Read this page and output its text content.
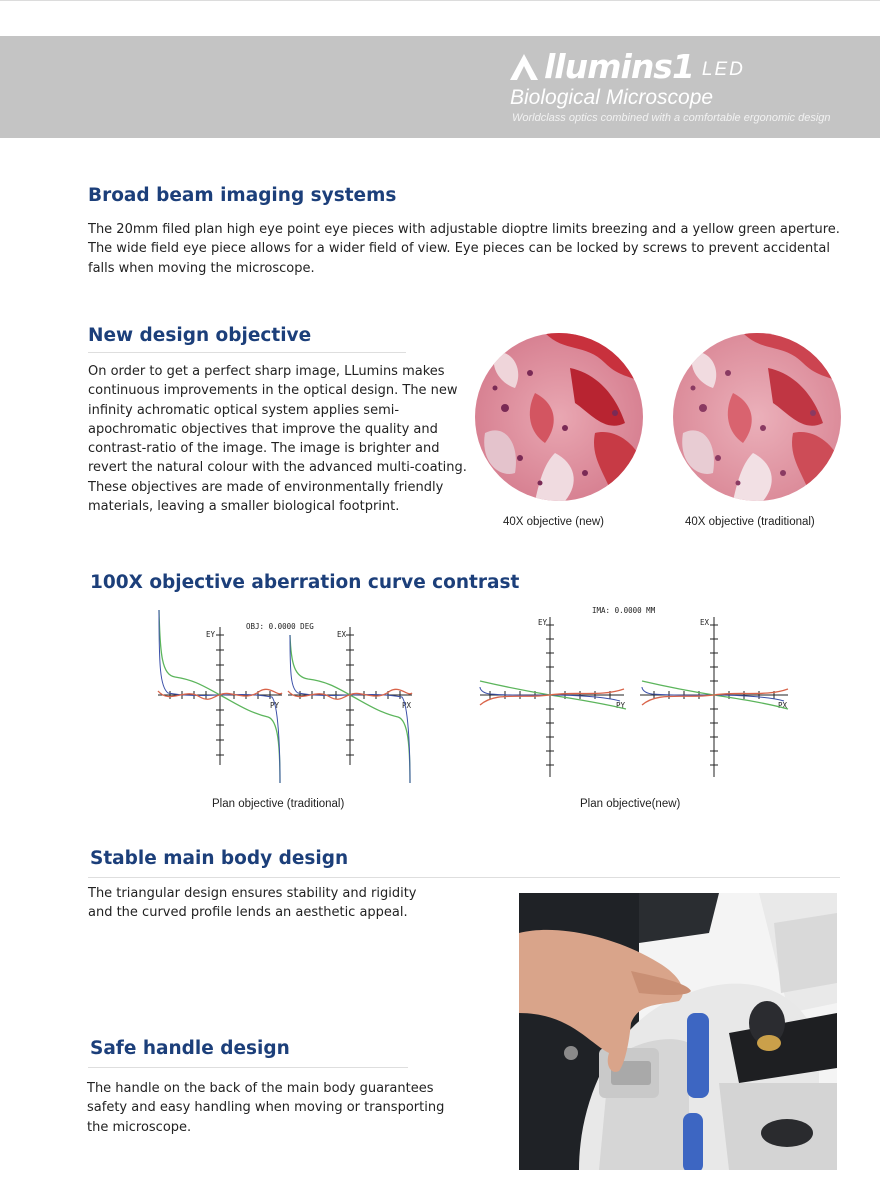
llumins1 LED
Biological Microscope
Worldclass optics combined with a comfortable ergonomic design
Broad beam imaging systems

The 20mm filed plan high eye point eye pieces with adjustable dioptre limits breezing and a yellow green aperture. The wide field eye piece allows for a wider field of view. Eye pieces can be locked by screws to prevent accidental falls when moving the microscope.

New design objective

On order to get a perfect sharp image, LLumins makes continuous improvements in the optical design. The new infinity achromatic optical system applies semi-apochromatic objectives that improve the quality and contrast-ratio of the image. The image is brighter and revert the natural colour with the advanced multi-coating. These objectives are made of environmentally friendly materials, leaving a smaller biological footprint.

40X objective (new)	40X objective (traditional)
100X objective aberration curve contrast
OBJ: 0.0000 DEG
EY
PY
EX
PX
IMA: 0.0000 MM
EY
PY
EX
PX
Plan objective (traditional)	Plan objective(new)
Stable main body design

The triangular design ensures stability and rigidity and the curved profile lends an aesthetic appeal.

Safe handle design

The handle on the back of the main body guarantees safety and easy handling when moving or transporting the microscope.
